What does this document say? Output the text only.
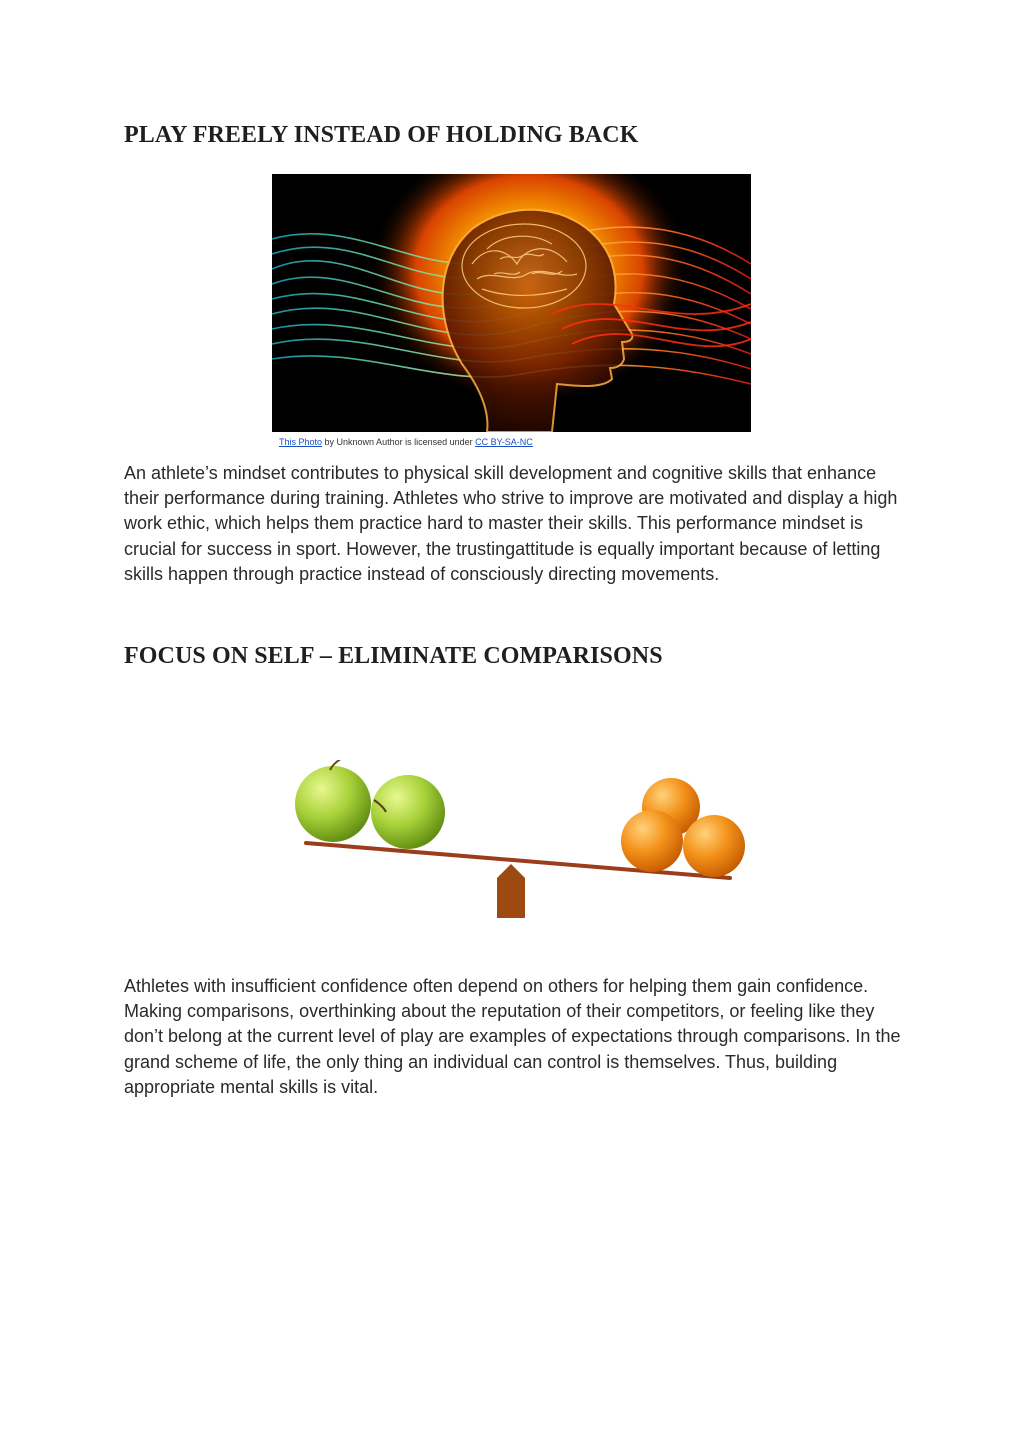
PLAY FREELY INSTEAD OF HOLDING BACK
This Photo by Unknown Author is licensed under CC BY-SA-NC

An athlete’s mindset contributes to physical skill development and cognitive skills that enhance their performance during training. Athletes who strive to improve are motivated and display a high work ethic, which helps them practice hard to master their skills. This performance mindset is crucial for success in sport. However, the trustingattitude is equally important because of letting skills happen through practice instead of consciously directing movements.

FOCUS ON SELF – ELIMINATE COMPARISONS

Athletes with insufficient confidence often depend on others for helping them gain confidence. Making comparisons, overthinking about the reputation of their competitors, or feeling like they don’t belong at the current level of play are examples of expectations through comparisons. In the grand scheme of life, the only thing an individual can control is themselves. Thus, building appropriate mental skills is vital.
